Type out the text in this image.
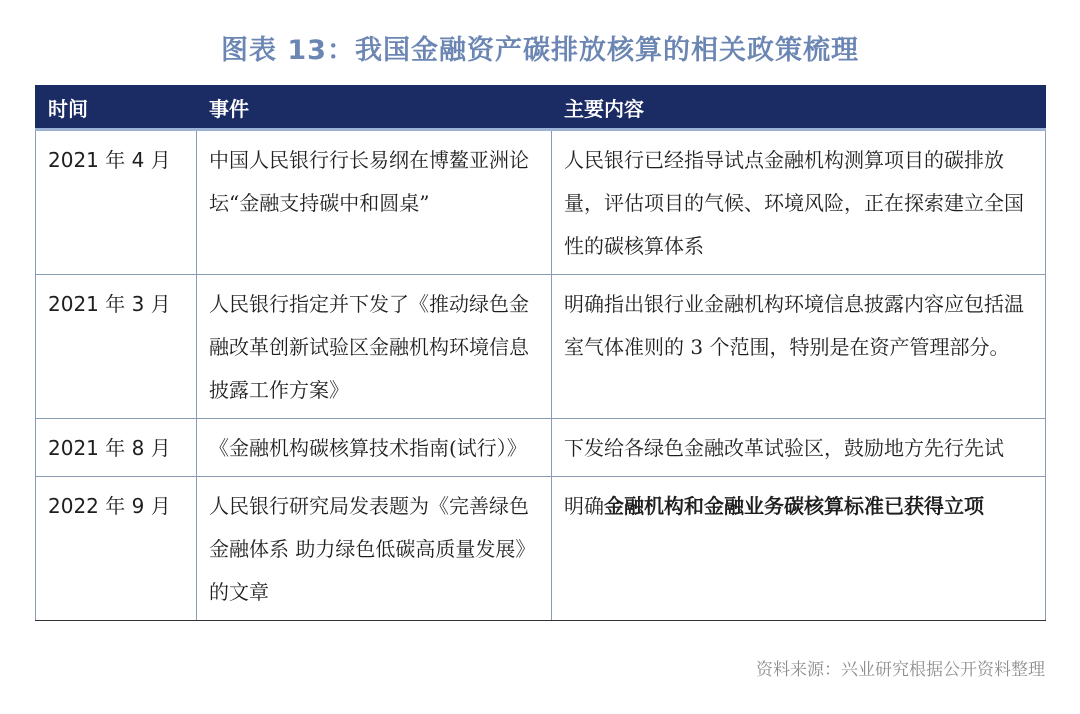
图表 13：我国金融资产碳排放核算的相关政策梳理
时间	事件	主要内容
2021 年 4 月	中国人民银行行长易纲在博鳌亚洲论坛“金融支持碳中和圆桌”	人民银行已经指导试点金融机构测算项目的碳排放量，评估项目的气候、环境风险，正在探索建立全国性的碳核算体系
2021 年 3 月	人民银行指定并下发了《推动绿色金融改革创新试验区金融机构环境信息披露工作方案》	明确指出银行业金融机构环境信息披露内容应包括温室气体准则的 3 个范围，特别是在资产管理部分。
2021 年 8 月	《金融机构碳核算技术指南(试行）》	下发给各绿色金融改革试验区，鼓励地方先行先试
2022 年 9 月	人民银行研究局发表题为《完善绿色金融体系 助力绿色低碳高质量发展》的文章	明确金融机构和金融业务碳核算标准已获得立项
资料来源：兴业研究根据公开资料整理
